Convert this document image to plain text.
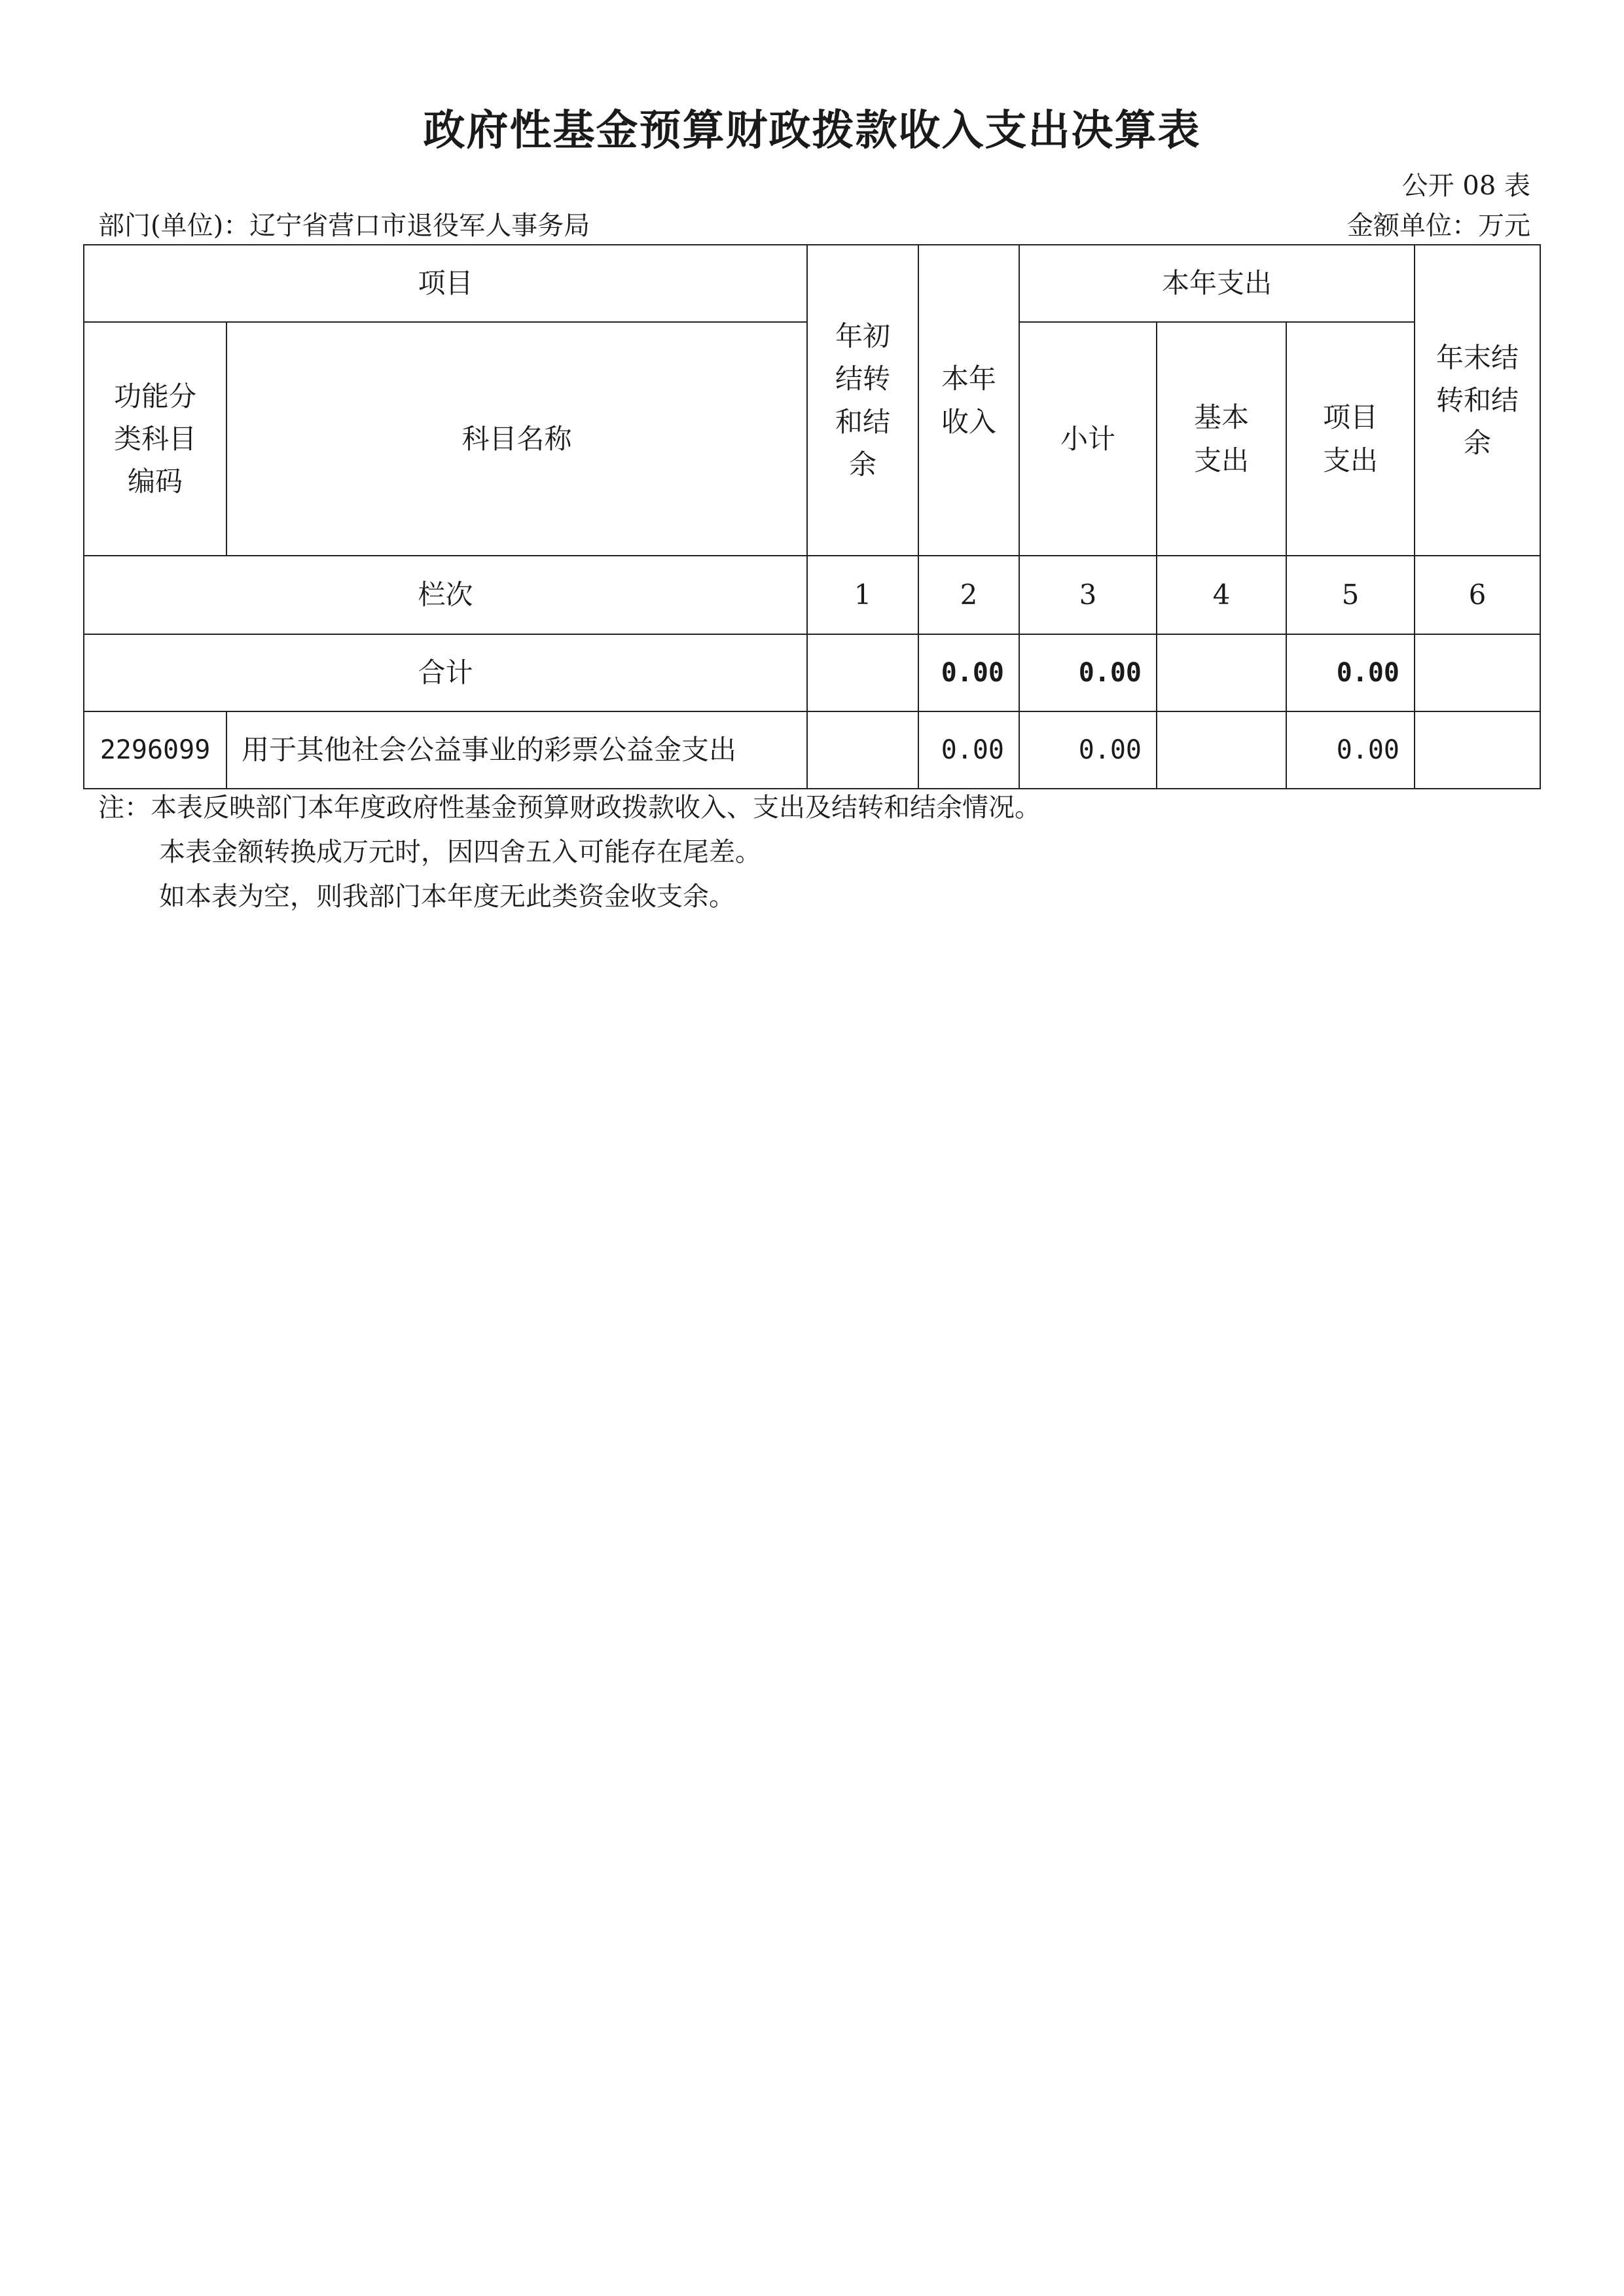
政府性基金预算财政拨款收入支出决算表
公开 08 表
部门(单位)：辽宁省营口市退役军人事务局	金额单位：万元
项目		年初结转和结余	本年收入	本年支出			年末结转和结余

功能分类科目编码	科目名称			小计	基本支出	项目支出	

栏次		1	2	3	4	5	6
合计			0.00	0.00		0.00	
2296099	用于其他社会公益事业的彩票公益金支出		0.00	0.00		0.00	
注：本表反映部门本年度政府性基金预算财政拨款收入、支出及结转和结余情况。
本表金额转换成万元时，因四舍五入可能存在尾差。
如本表为空，则我部门本年度无此类资金收支余。
